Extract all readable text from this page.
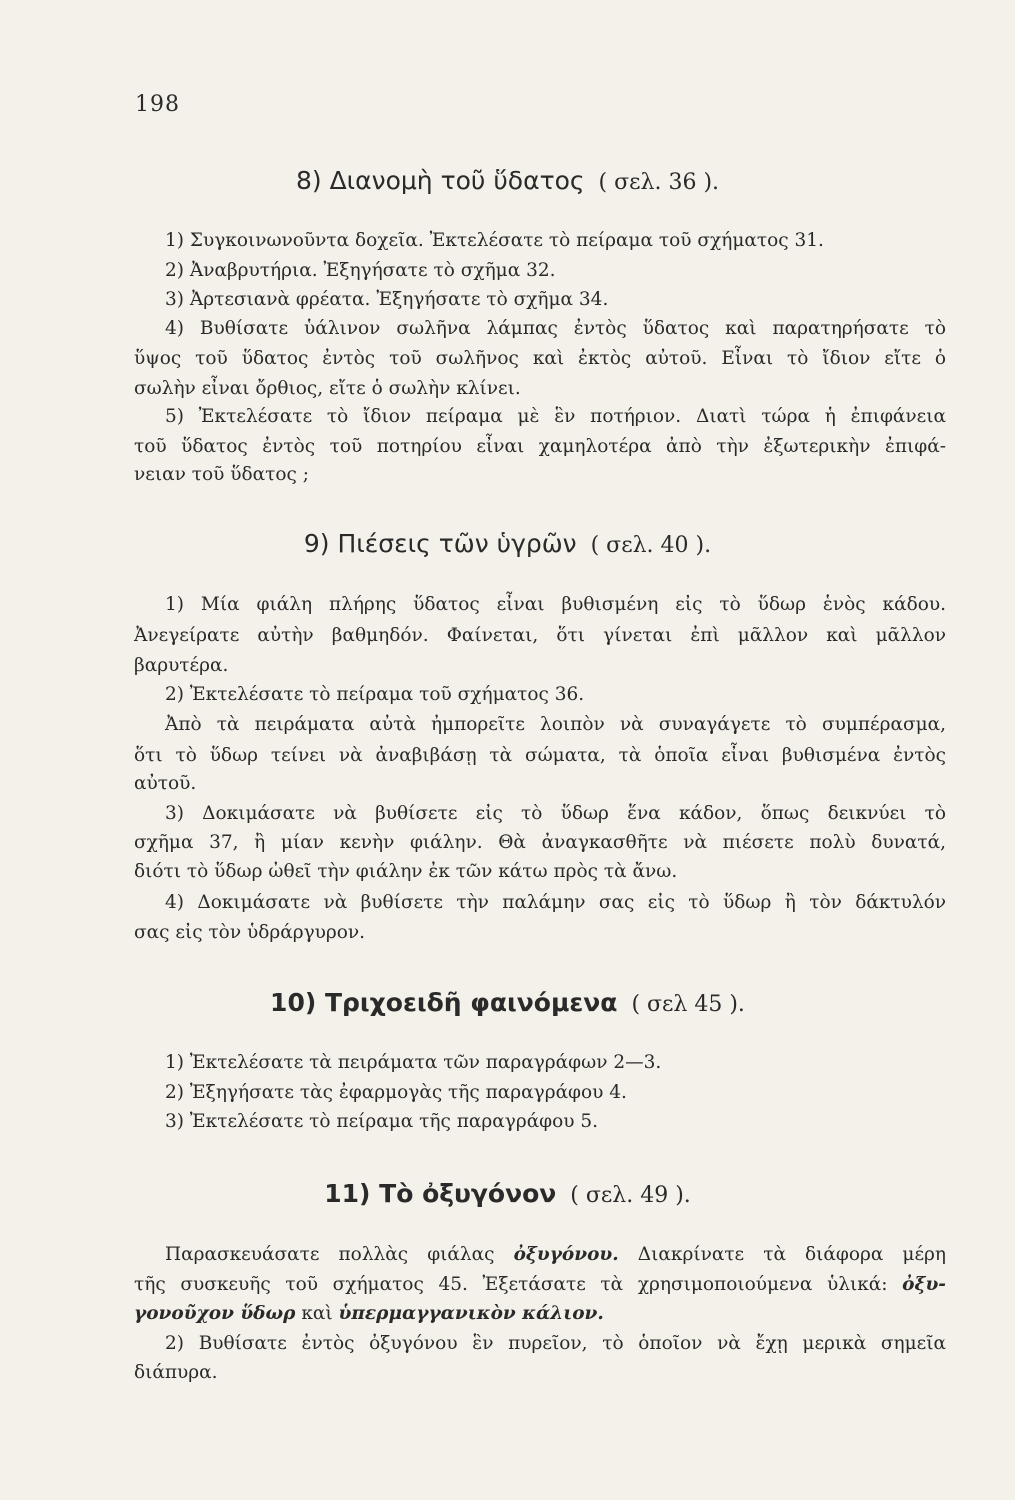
198
8) Διανομὴ τοῦ ὕδατος ( σελ. 36 ).
1) Συγκοινωνοῦντα δοχεῖα. Ἐκτελέσατε τὸ πείραμα τοῦ σχήματος 31.
2) Ἀναβρυτήρια. Ἐξηγήσατε τὸ σχῆμα 32.
3) Ἀρτεσιανὰ φρέατα. Ἐξηγήσατε τὸ σχῆμα 34.
4) Βυθίσατε ὑάλινον σωλῆνα λάμπας ἐντὸς ὕδατος καὶ παρατηρήσατε τὸ
ὕψος τοῦ ὕδατος ἐντὸς τοῦ σωλῆνος καὶ ἐκτὸς αὐτοῦ. Εἶναι τὸ ἴδιον εἴτε ὁ
σωλὴν εἶναι ὄρθιος, εἴτε ὁ σωλὴν κλίνει.
5) Ἐκτελέσατε τὸ ἴδιον πείραμα μὲ ἓν ποτήριον. Διατὶ τώρα ἡ ἐπιφάνεια
τοῦ ὕδατος ἐντὸς τοῦ ποτηρίου εἶναι χαμηλοτέρα ἀπὸ τὴν ἐξωτερικὴν ἐπιφά-
νειαν τοῦ ὕδατος ;
9) Πιέσεις τῶν ὑγρῶν ( σελ. 40 ).
1) Μία φιάλη πλήρης ὕδατος εἶναι βυθισμένη εἰς τὸ ὕδωρ ἑνὸς κάδου.
Ἀνεγείρατε αὐτὴν βαθμηδόν. Φαίνεται, ὅτι γίνεται ἐπὶ μᾶλλον καὶ μᾶλλον
βαρυτέρα.
2) Ἐκτελέσατε τὸ πείραμα τοῦ σχήματος 36.
Ἀπὸ τὰ πειράματα αὐτὰ ἠμπορεῖτε λοιπὸν νὰ συναγάγετε τὸ συμπέρασμα,
ὅτι τὸ ὕδωρ τείνει νὰ ἀναβιβάσῃ τὰ σώματα, τὰ ὁποῖα εἶναι βυθισμένα ἐντὸς
αὐτοῦ.
3) Δοκιμάσατε νὰ βυθίσετε εἰς τὸ ὕδωρ ἕνα κάδον, ὅπως δεικνύει τὸ
σχῆμα 37, ἢ μίαν κενὴν φιάλην. Θὰ ἀναγκασθῆτε νὰ πιέσετε πολὺ δυνατά,
διότι τὸ ὕδωρ ὠθεῖ τὴν φιάλην ἐκ τῶν κάτω πρὸς τὰ ἄνω.
4) Δοκιμάσατε νὰ βυθίσετε τὴν παλάμην σας εἰς τὸ ὕδωρ ἢ τὸν δάκτυλόν
σας εἰς τὸν ὑδράργυρον.
10) Τριχοειδῆ φαινόμενα ( σελ 45 ).
1) Ἐκτελέσατε τὰ πειράματα τῶν παραγράφων 2—3.
2) Ἐξηγήσατε τὰς ἐφαρμογὰς τῆς παραγράφου 4.
3) Ἐκτελέσατε τὸ πείραμα τῆς παραγράφου 5.
11) Τὸ ὀξυγόνον ( σελ. 49 ).
Παρασκευάσατε πολλὰς φιάλας ὀξυγόνου. Διακρίνατε τὰ διάφορα μέρη
τῆς συσκευῆς τοῦ σχήματος 45. Ἐξετάσατε τὰ χρησιμοποιούμενα ὑλικά: ὀξυ-
γονοῦχον ὕδωρ καὶ ὑπερμαγγανικὸν κάλιον.
2) Βυθίσατε ἐντὸς ὀξυγόνου ἓν πυρεῖον, τὸ ὁποῖον νὰ ἔχῃ μερικὰ σημεῖα
διάπυρα.
